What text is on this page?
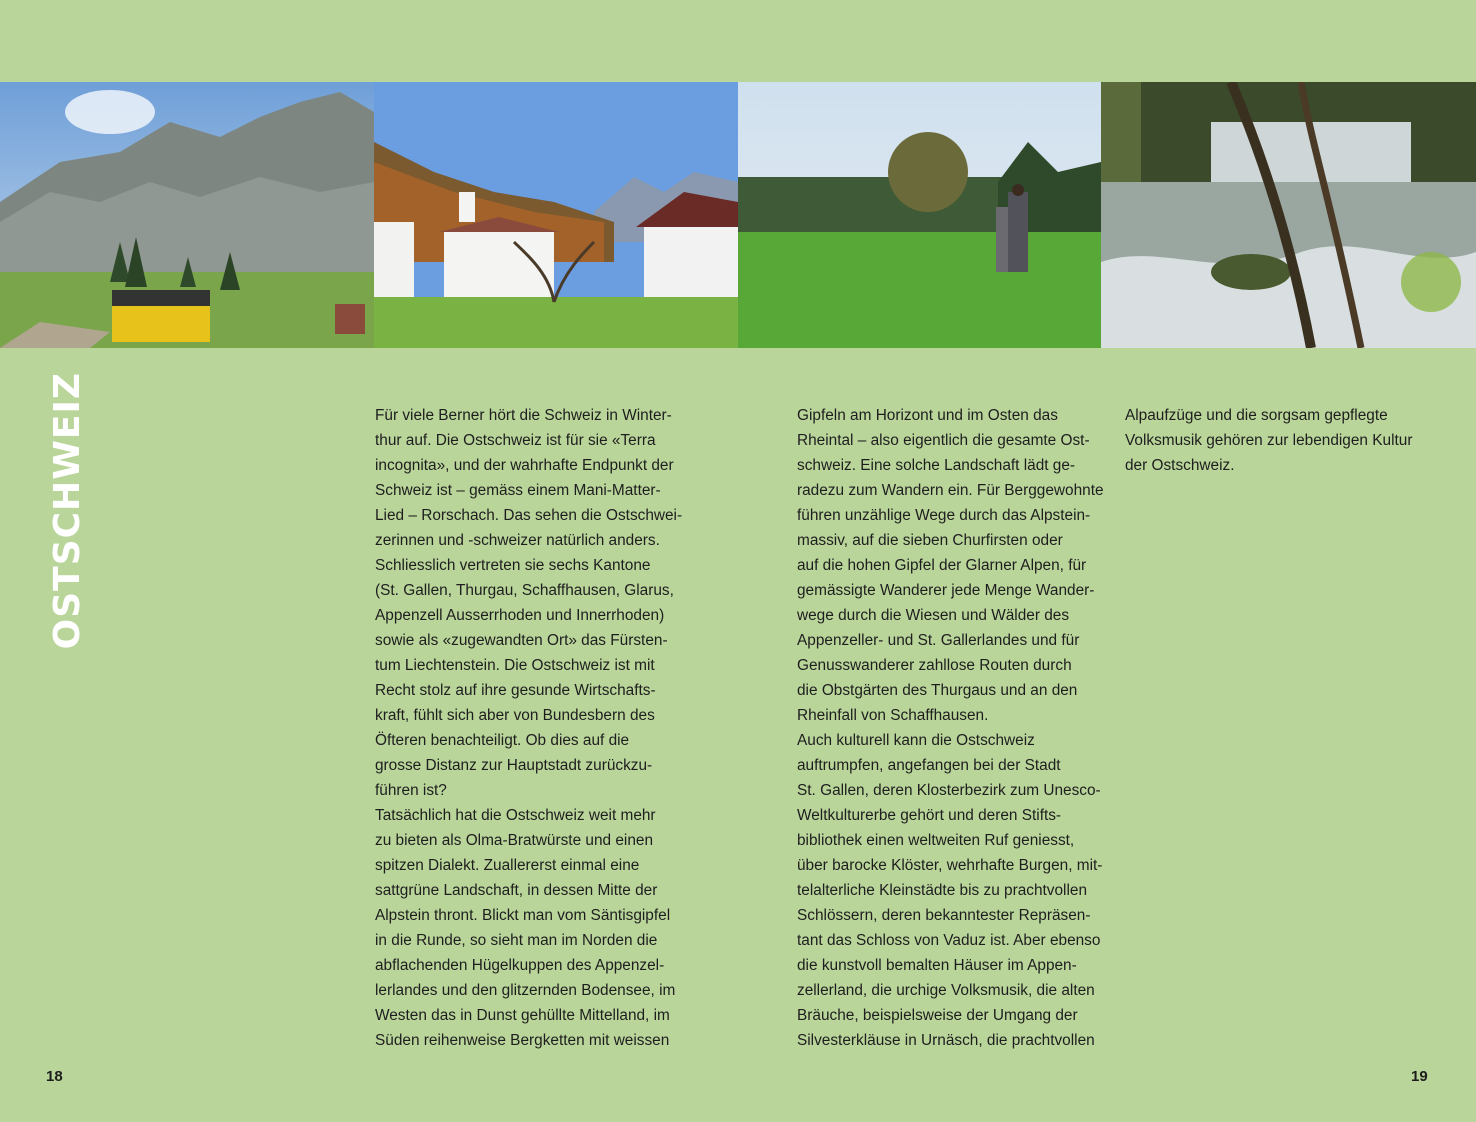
OSTSCHWEIZ	Für viele Berner hört die Schweiz in Winter-
thur auf. Die Ostschweiz ist für sie «Terra
incognita», und der wahrhafte Endpunkt der
Schweiz ist – gemäss einem Mani-Matter-
Lied – Rorschach. Das sehen die Ostschwei-
zerinnen und -schweizer natürlich anders.
Schliesslich vertreten sie sechs Kantone
(St. Gallen, Thurgau, Schaffhausen, Glarus,
Appenzell Ausserrhoden und Innerrhoden)
sowie als «zugewandten Ort» das Fürsten-
tum Liechtenstein. Die Ostschweiz ist mit
Recht stolz auf ihre gesunde Wirtschafts-
kraft, fühlt sich aber von Bundesbern des
Öfteren benachteiligt. Ob dies auf die
grosse Distanz zur Hauptstadt zurückzu-
führen ist?
Tatsächlich hat die Ostschweiz weit mehr
zu bieten als Olma-Bratwürste und einen
spitzen Dialekt. Zuallererst einmal eine
sattgrüne Landschaft, in dessen Mitte der
Alpstein thront. Blickt man vom Säntisgipfel
in die Runde, so sieht man im Norden die
abflachenden Hügelkuppen des Appenzel-
lerlandes und den glitzernden Bodensee, im
Westen das in Dunst gehüllte Mittelland, im
Süden reihenweise Bergketten mit weissen
Gipfeln am Horizont und im Osten das
Rheintal – also eigentlich die gesamte Ost-
schweiz. Eine solche Landschaft lädt ge-
radezu zum Wandern ein. Für Berggewohnte
führen unzählige Wege durch das Alpstein-
massiv, auf die sieben Churfirsten oder
auf die hohen Gipfel der Glarner Alpen, für
gemässigte Wanderer jede Menge Wander-
wege durch die Wiesen und Wälder des
Appenzeller- und St. Gallerlandes und für
Genusswanderer zahllose Routen durch
die Obstgärten des Thurgaus und an den
Rheinfall von Schaffhausen.
Auch kulturell kann die Ostschweiz
auftrumpfen, angefangen bei der Stadt
St. Gallen, deren Klosterbezirk zum Unesco-
Weltkulturerbe gehört und deren Stifts-
bibliothek einen weltweiten Ruf geniesst,
über barocke Klöster, wehrhafte Burgen, mit-
telalterliche Kleinstädte bis zu prachtvollen
Schlössern, deren bekanntester Repräsen-
tant das Schloss von Vaduz ist. Aber ebenso
die kunstvoll bemalten Häuser im Appen-
zellerland, die urchige Volksmusik, die alten
Bräuche, beispielsweise der Umgang der
Silvesterkläuse in Urnäsch, die prachtvollen
Alpaufzüge und die sorgsam gepflegte
Volksmusik gehören zur lebendigen Kultur
der Ostschweiz.
18	19
